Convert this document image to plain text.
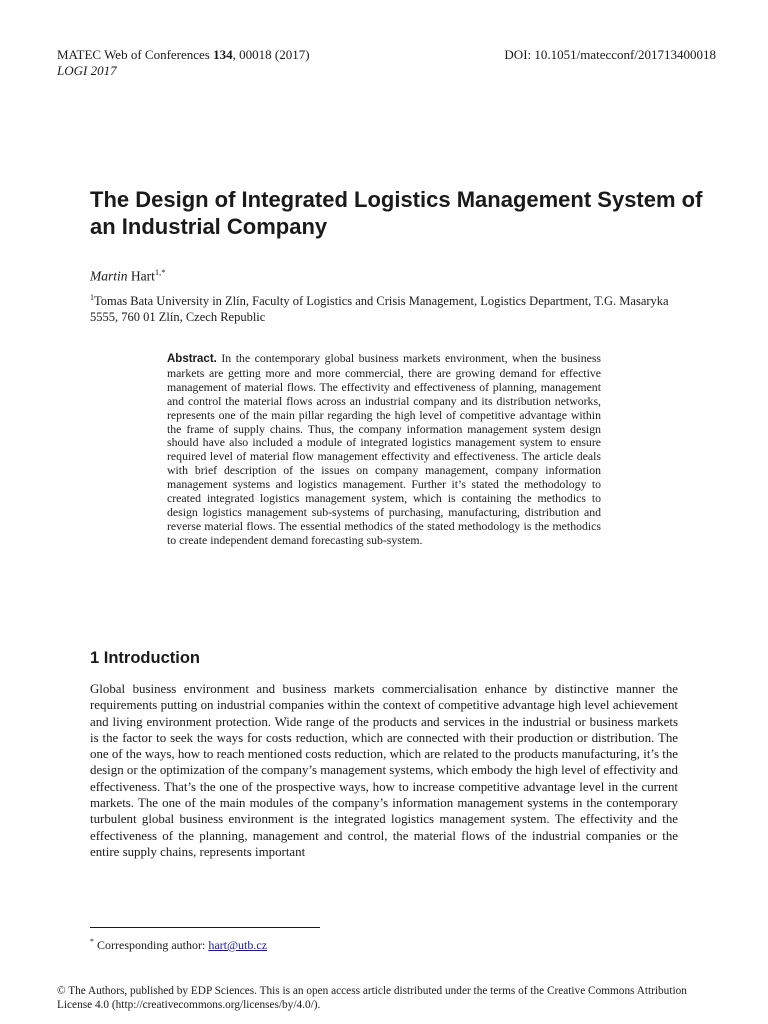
MATEC Web of Conferences 134, 00018 (2017)
LOGI 2017
DOI: 10.1051/matecconf/201713400018
The Design of Integrated Logistics Management System of an Industrial Company
Martin Hart$^{1,*}$
$^1$Tomas Bata University in Zlín, Faculty of Logistics and Crisis Management, Logistics Department, T.G. Masaryka 5555, 760 01 Zlín, Czech Republic

Abstract. In the contemporary global business markets environment, when the business markets are getting more and more commercial, there are growing demand for effective management of material flows. The effectivity and effectiveness of planning, management and control the material flows across an industrial company and its distribution networks, represents one of the main pillar regarding the high level of competitive advantage within the frame of supply chains. Thus, the company information management system design should have also included a module of integrated logistics management system to ensure required level of material flow management effectivity and effectiveness. The article deals with brief description of the issues on company management, company information management systems and logistics management. Further it’s stated the methodology to created integrated logistics management system, which is containing the methodics to design logistics management sub-systems of purchasing, manufacturing, distribution and reverse material flows. The essential methodics of the stated methodology is the methodics to create independent demand forecasting sub-system.

1 Introduction

Global business environment and business markets commercialisation enhance by distinctive manner the requirements putting on industrial companies within the context of competitive advantage high level achievement and living environment protection. Wide range of the products and services in the industrial or business markets is the factor to seek the ways for costs reduction, which are connected with their production or distribution. The one of the ways, how to reach mentioned costs reduction, which are related to the products manufacturing, it’s the design or the optimization of the company’s management systems, which embody the high level of effectivity and effectiveness. That’s the one of the prospective ways, how to increase competitive advantage level in the current markets. The one of the main modules of the company’s information management systems in the contemporary turbulent global business environment is the integrated logistics management system. The effectivity and the effectiveness of the planning, management and control, the material flows of the industrial companies or the entire supply chains, represents important

* Corresponding author: hart@utb.cz
© The Authors, published by EDP Sciences. This is an open access article distributed under the terms of the Creative Commons Attribution License 4.0 (http://creativecommons.org/licenses/by/4.0/).
